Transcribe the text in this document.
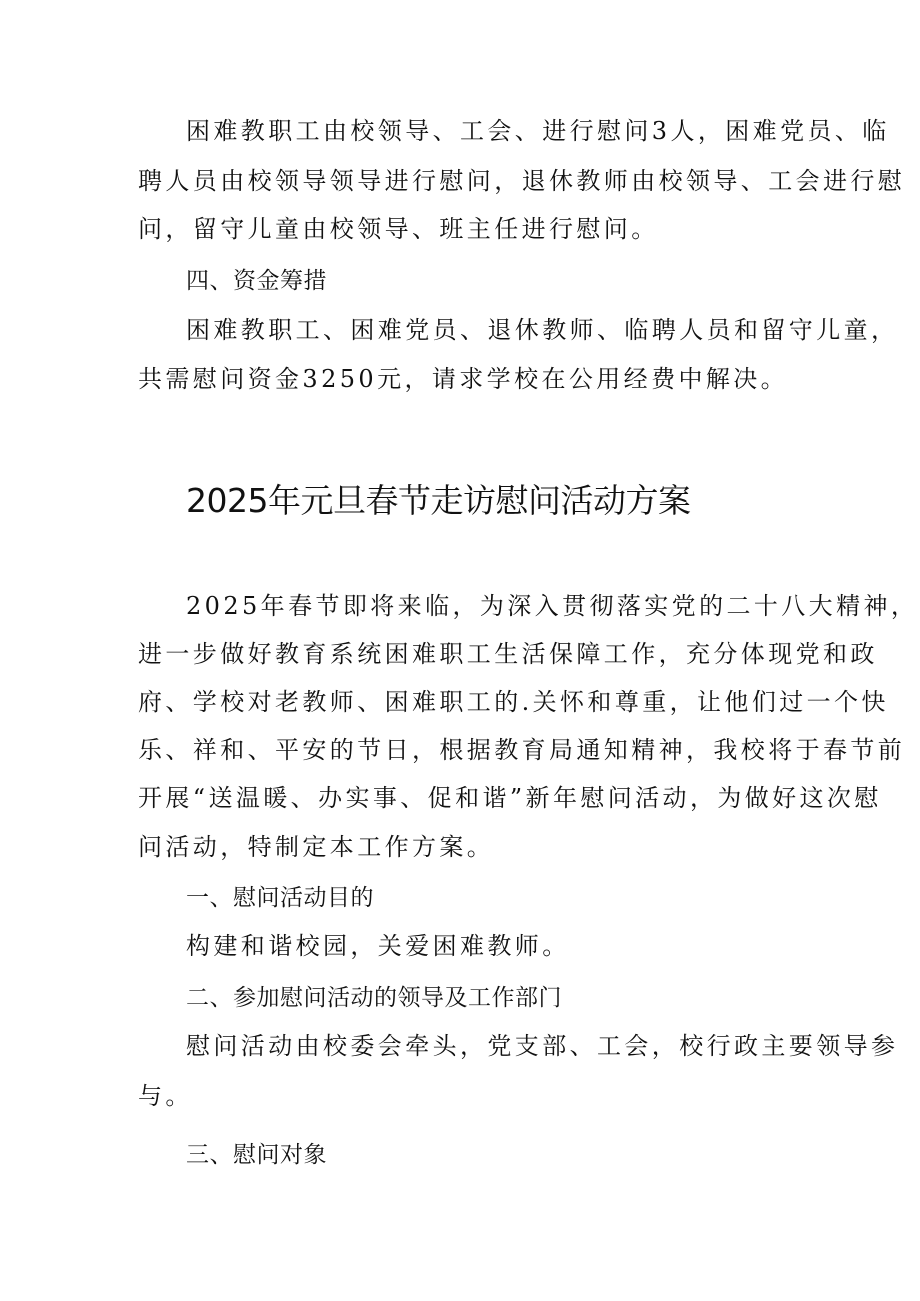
困难教职工由校领导、工会、进行慰问3人，困难党员、临
聘人员由校领导领导进行慰问，退休教师由校领导、工会进行慰
问，留守儿童由校领导、班主任进行慰问。
四、资金筹措
困难教职工、困难党员、退休教师、临聘人员和留守儿童，
共需慰问资金3250元，请求学校在公用经费中解决。
2025年元旦春节走访慰问活动方案
2025年春节即将来临，为深入贯彻落实党的二十八大精神，
进一步做好教育系统困难职工生活保障工作，充分体现党和政
府、学校对老教师、困难职工的.关怀和尊重，让他们过一个快
乐、祥和、平安的节日，根据教育局通知精神，我校将于春节前
开展“送温暖、办实事、促和谐”新年慰问活动，为做好这次慰
问活动，特制定本工作方案。
一、慰问活动目的
构建和谐校园，关爱困难教师。
二、参加慰问活动的领导及工作部门
慰问活动由校委会牵头，党支部、工会，校行政主要领导参
与。
三、慰问对象
